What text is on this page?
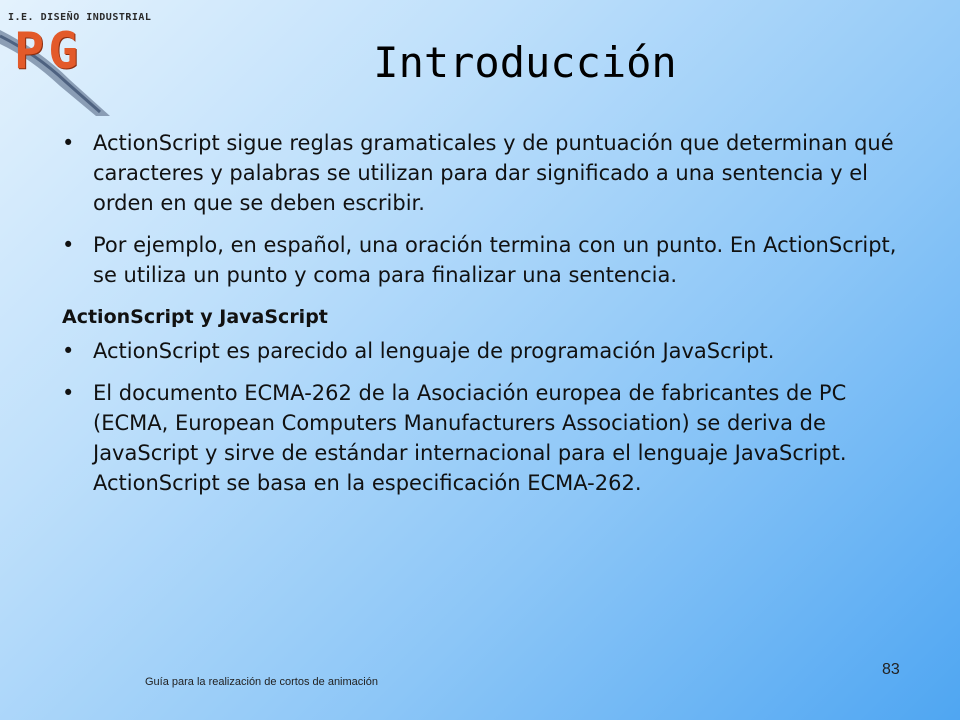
I.E. DISEÑO INDUSTRIAL
PG	Introducción
• ActionScript sigue reglas gramaticales y de puntuación que determinan qué caracteres y palabras se utilizan para dar significado a una sentencia y el orden en que se deben escribir.
• Por ejemplo, en español, una oración termina con un punto. En ActionScript, se utiliza un punto y coma para finalizar una sentencia.
ActionScript y JavaScript
• ActionScript es parecido al lenguaje de programación JavaScript.
• El documento ECMA-262 de la Asociación europea de fabricantes de PC (ECMA, European Computers Manufacturers Association) se deriva de JavaScript y sirve de estándar internacional para el lenguaje JavaScript. ActionScript se basa en la especificación ECMA-262.
Guía para la realización de cortos de animación
83
